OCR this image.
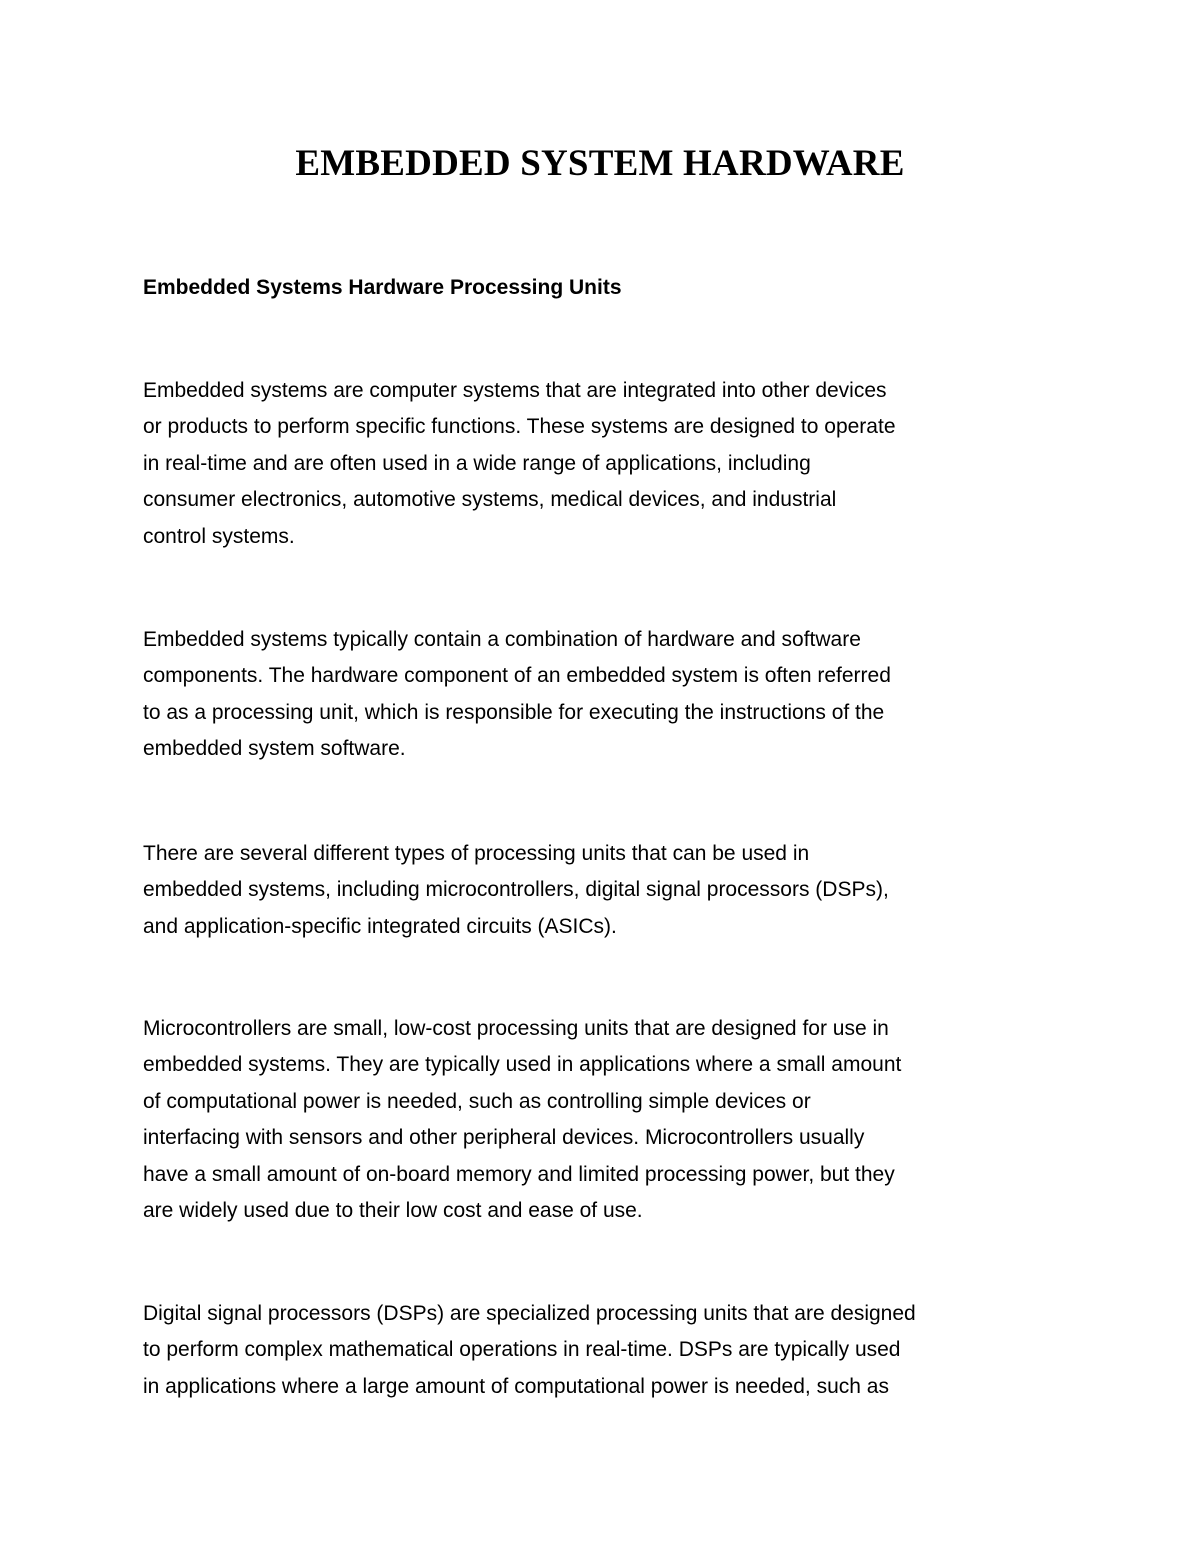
EMBEDDED SYSTEM HARDWARE
Embedded Systems Hardware Processing Units

Embedded systems are computer systems that are integrated into other devices
or products to perform specific functions. These systems are designed to operate
in real-time and are often used in a wide range of applications, including
consumer electronics, automotive systems, medical devices, and industrial
control systems.

Embedded systems typically contain a combination of hardware and software
components. The hardware component of an embedded system is often referred
to as a processing unit, which is responsible for executing the instructions of the
embedded system software.

There are several different types of processing units that can be used in
embedded systems, including microcontrollers, digital signal processors (DSPs),
and application-specific integrated circuits (ASICs).

Microcontrollers are small, low-cost processing units that are designed for use in
embedded systems. They are typically used in applications where a small amount
of computational power is needed, such as controlling simple devices or
interfacing with sensors and other peripheral devices. Microcontrollers usually
have a small amount of on-board memory and limited processing power, but they
are widely used due to their low cost and ease of use.

Digital signal processors (DSPs) are specialized processing units that are designed
to perform complex mathematical operations in real-time. DSPs are typically used
in applications where a large amount of computational power is needed, such as
